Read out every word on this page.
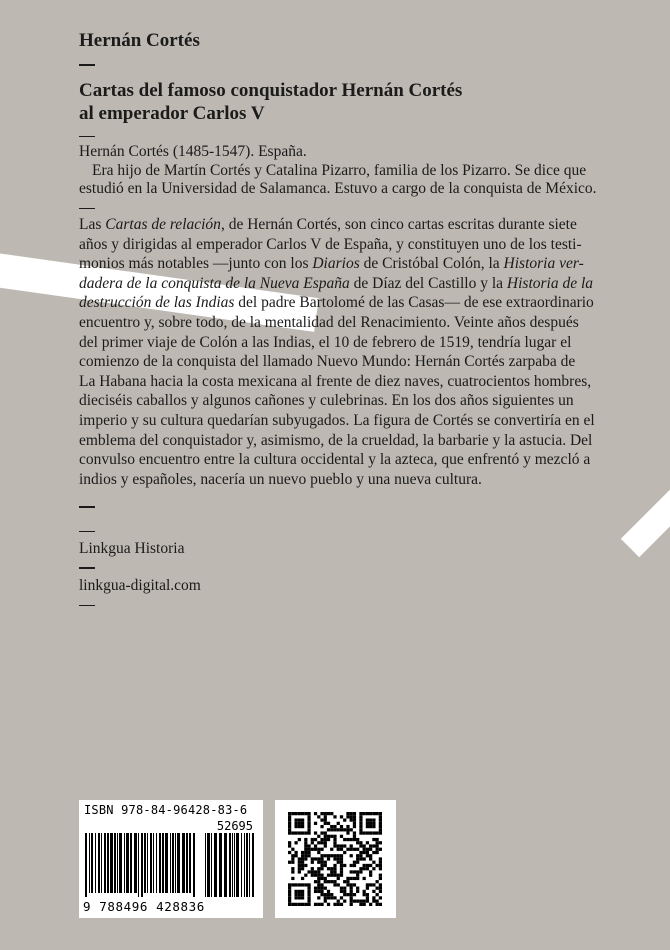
Hernán Cortés
Cartas del famoso conquistador Hernán Cortés
al emperador Carlos V
Hernán Cortés (1485-1547). España.
Era hijo de Martín Cortés y Catalina Pizarro, familia de los Pizarro. Se dice que
estudió en la Universidad de Salamanca. Estuvo a cargo de la conquista de México.
Las Cartas de relación, de Hernán Cortés, son cinco cartas escritas durante siete
años y dirigidas al emperador Carlos V de España, y constituyen uno de los testi-
monios más notables —junto con los Diarios de Cristóbal Colón, la Historia ver-
dadera de la conquista de la Nueva España de Díaz del Castillo y la Historia de la
destrucción de las Indias del padre Bartolomé de las Casas— de ese extraordinario
encuentro y, sobre todo, de la mentalidad del Renacimiento. Veinte años después
del primer viaje de Colón a las Indias, el 10 de febrero de 1519, tendría lugar el
comienzo de la conquista del llamado Nuevo Mundo: Hernán Cortés zarpaba de
La Habana hacia la costa mexicana al frente de diez naves, cuatrocientos hombres,
dieciséis caballos y algunos cañones y culebrinas. En los dos años siguientes un
imperio y su cultura quedarían subyugados. La figura de Cortés se convertiría en el
emblema del conquistador y, asimismo, de la crueldad, la barbarie y la astucia. Del
convulso encuentro entre la cultura occidental y la azteca, que enfrentó y mezcló a
indios y españoles, nacería un nuevo pueblo y una nueva cultura.

Linkgua Historia

linkgua-digital.com

ISBN 978-84-96428-83-6
52695
9 788496 428836
